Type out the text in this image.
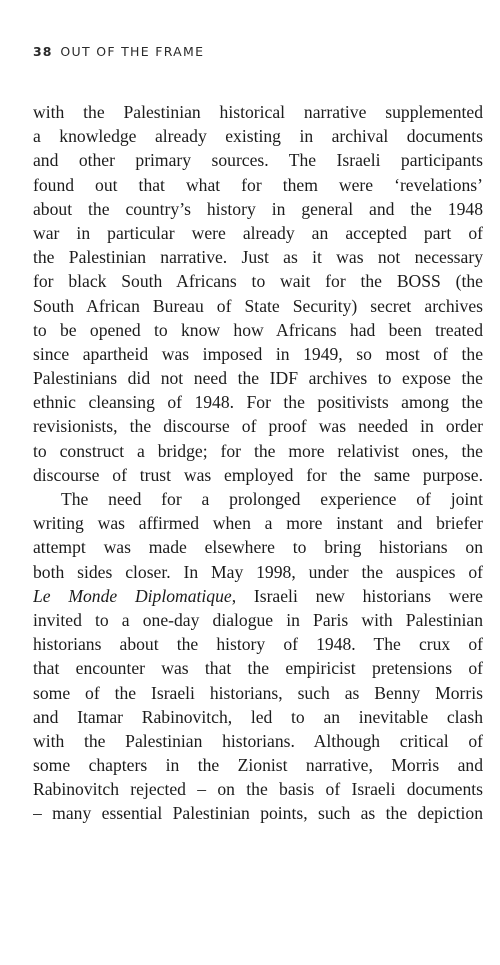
38 OUT OF THE FRAME
with the Palestinian historical narrative supplemented
a knowledge already existing in archival documents
and other primary sources. The Israeli participants
found out that what for them were ‘revelations’
about the country’s history in general and the 1948
war in particular were already an accepted part of
the Palestinian narrative. Just as it was not necessary
for black South Africans to wait for the BOSS (the
South African Bureau of State Security) secret archives
to be opened to know how Africans had been treated
since apartheid was imposed in 1949, so most of the
Palestinians did not need the IDF archives to expose the
ethnic cleansing of 1948. For the positivists among the
revisionists, the discourse of proof was needed in order
to construct a bridge; for the more relativist ones, the
discourse of trust was employed for the same purpose.
The need for a prolonged experience of joint
writing was affirmed when a more instant and briefer
attempt was made elsewhere to bring historians on
both sides closer. In May 1998, under the auspices of
Le Monde Diplomatique, Israeli new historians were
invited to a one-day dialogue in Paris with Palestinian
historians about the history of 1948. The crux of
that encounter was that the empiricist pretensions of
some of the Israeli historians, such as Benny Morris
and Itamar Rabinovitch, led to an inevitable clash
with the Palestinian historians. Although critical of
some chapters in the Zionist narrative, Morris and
Rabinovitch rejected – on the basis of Israeli documents
– many essential Palestinian points, such as the depiction
